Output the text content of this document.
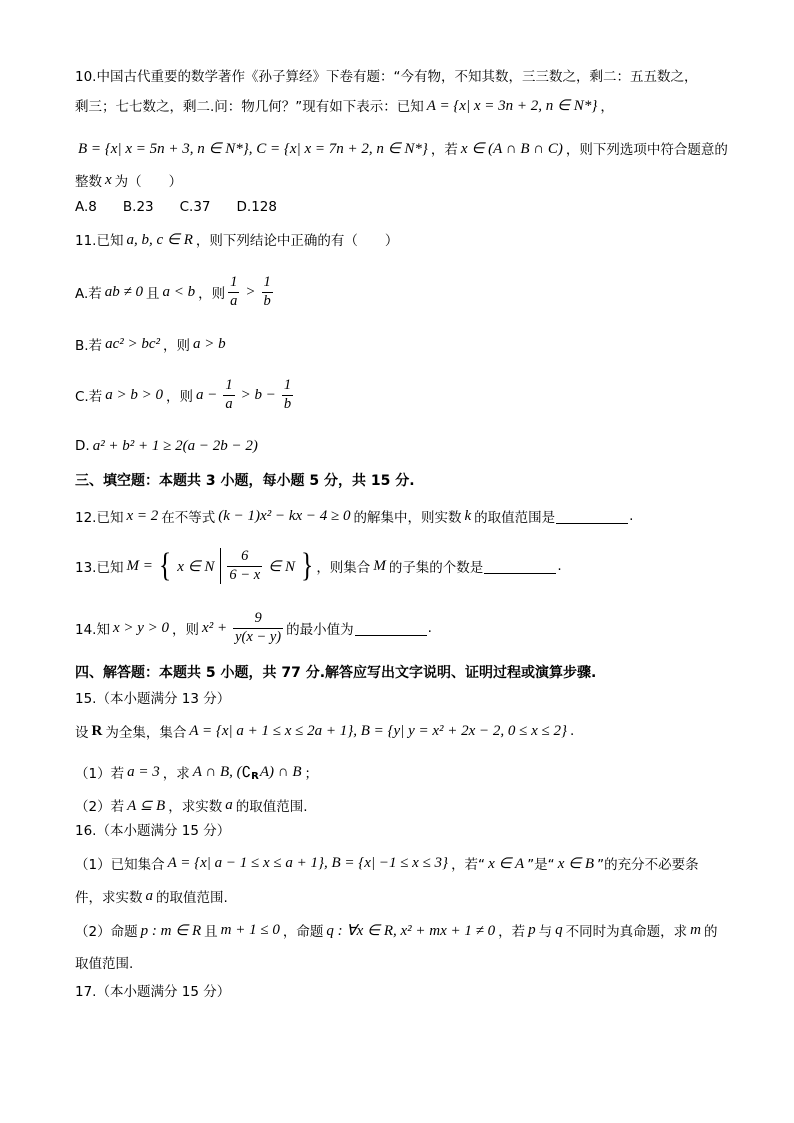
10.中国古代重要的数学著作《孙子算经》下卷有题：“今有物，不知其数，三三数之，剩二：五五数之，
剩三；七七数之，剩二.问：物几何？”现有如下表示：已知 A = {x| x = 3n + 2, n ∈ N*} ，
B = {x| x = 5n + 3, n ∈ N*}, C = {x| x = 7n + 2, n ∈ N*} ，若 x ∈ (A ∩ B ∩ C) ，则下列选项中符合题意的
整数 x 为（　　）
A.8 B.23 C.37 D.128
11.已知 a, b, c ∈ R ，则下列结论中正确的有（　　）
A.若 ab ≠ 0 且 a < b ，则 $\frac{1}{a} > \frac{1}{b}$
B.若 ac² > bc² ，则 a > b
C.若 a > b > 0 ，则 $a - \frac{1}{a} > b - \frac{1}{b}$
D. a² + b² + 1 ≥ 2(a − 2b − 2)
三、填空题：本题共 3 小题，每小题 5 分，共 15 分.
12.已知 x = 2 在不等式 (k − 1)x² − kx − 4 ≥ 0 的解集中，则实数 k 的取值范围是	.
13.已知 M = { x ∈ N $\frac{6}{6 - x}$ ∈ N } ，则集合 M 的子集的个数是	.
14.知 x > y > 0 ，则 $x^2 + \frac{9}{y(x - y)}$ 的最小值为	.
四、解答题：本题共 5 小题，共 77 分.解答应写出文字说明、证明过程或演算步骤.
15.（本小题满分 13 分）
设 R 为全集，集合 A = {x| a + 1 ≤ x ≤ 2a + 1}, B = {y| y = x² + 2x − 2, 0 ≤ x ≤ 2} .
（1）若 a = 3 ，求 A ∩ B, ( ∁ R A) ∩ B ；
（2）若 A ⊆ B ，求实数 a 的取值范围.
16.（本小题满分 15 分）
（1）已知集合 A = {x| a − 1 ≤ x ≤ a + 1}, B = {x| −1 ≤ x ≤ 3} ，若“ x ∈ A ”是“ x ∈ B ”的充分不必要条
件，求实数 a 的取值范围.
（2）命题 p : m ∈ R 且 m + 1 ≤ 0 ，命题 q : ∀x ∈ R, x² + mx + 1 ≠ 0 ，若 p 与 q 不同时为真命题，求 m 的
取值范围.
17.（本小题满分 15 分）
